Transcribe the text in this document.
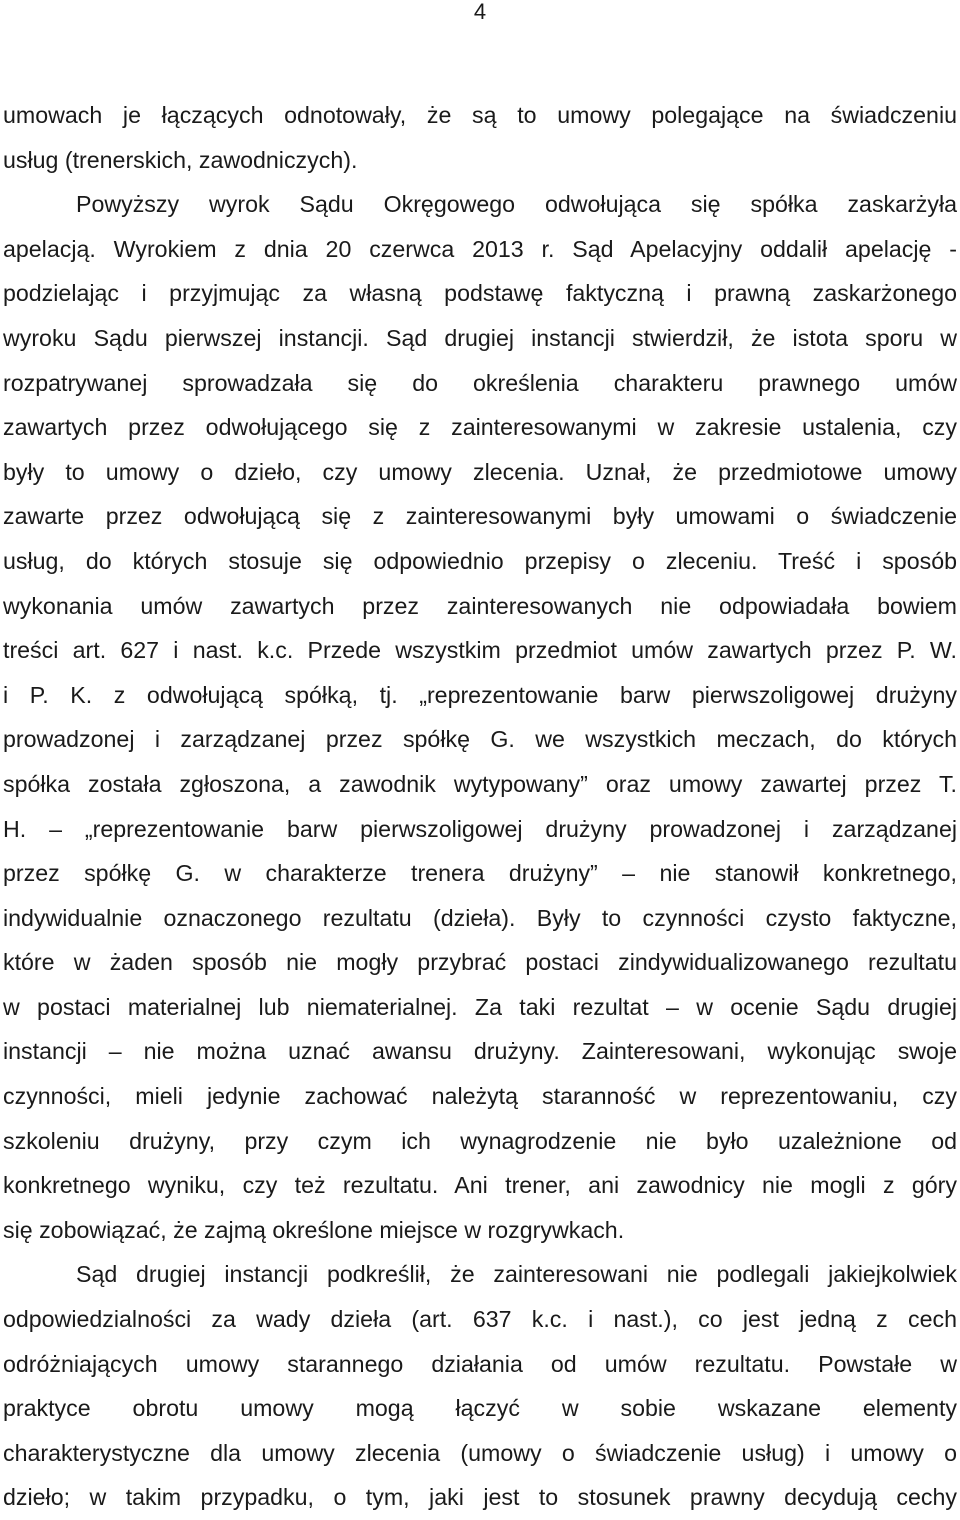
4
umowach je łączących odnotowały, że są to umowy polegające na świadczeniu
usług (trenerskich, zawodniczych).
Powyższy wyrok Sądu Okręgowego odwołująca się spółka zaskarżyła
apelacją. Wyrokiem z dnia 20 czerwca 2013 r. Sąd Apelacyjny oddalił apelację -
podzielając i przyjmując za własną podstawę faktyczną i prawną zaskarżonego
wyroku Sądu pierwszej instancji. Sąd drugiej instancji stwierdził, że istota sporu w
rozpatrywanej sprowadzała się do określenia charakteru prawnego umów
zawartych przez odwołującego się z zainteresowanymi w zakresie ustalenia, czy
były to umowy o dzieło, czy umowy zlecenia. Uznał, że przedmiotowe umowy
zawarte przez odwołującą się z zainteresowanymi były umowami o świadczenie
usług, do których stosuje się odpowiednio przepisy o zleceniu. Treść i sposób
wykonania umów zawartych przez zainteresowanych nie odpowiadała bowiem
treści art. 627 i nast. k.c. Przede wszystkim przedmiot umów zawartych przez P. W.
i P. K. z odwołującą spółką, tj. „reprezentowanie barw pierwszoligowej drużyny
prowadzonej i zarządzanej przez spółkę G. we wszystkich meczach, do których
spółka została zgłoszona, a zawodnik wytypowany” oraz umowy zawartej przez T.
H. – „reprezentowanie barw pierwszoligowej drużyny prowadzonej i zarządzanej
przez spółkę G. w charakterze trenera drużyny” – nie stanowił konkretnego,
indywidualnie oznaczonego rezultatu (dzieła). Były to czynności czysto faktyczne,
które w żaden sposób nie mogły przybrać postaci zindywidualizowanego rezultatu
w postaci materialnej lub niematerialnej. Za taki rezultat – w ocenie Sądu drugiej
instancji – nie można uznać awansu drużyny. Zainteresowani, wykonując swoje
czynności, mieli jedynie zachować należytą staranność w reprezentowaniu, czy
szkoleniu drużyny, przy czym ich wynagrodzenie nie było uzależnione od
konkretnego wyniku, czy też rezultatu. Ani trener, ani zawodnicy nie mogli z góry
się zobowiązać, że zajmą określone miejsce w rozgrywkach.
Sąd drugiej instancji podkreślił, że zainteresowani nie podlegali jakiejkolwiek
odpowiedzialności za wady dzieła (art. 637 k.c. i nast.), co jest jedną z cech
odróżniających umowy starannego działania od umów rezultatu. Powstałe w
praktyce obrotu umowy mogą łączyć w sobie wskazane elementy
charakterystyczne dla umowy zlecenia (umowy o świadczenie usług) i umowy o
dzieło; w takim przypadku, o tym, jaki jest to stosunek prawny decydują cechy
